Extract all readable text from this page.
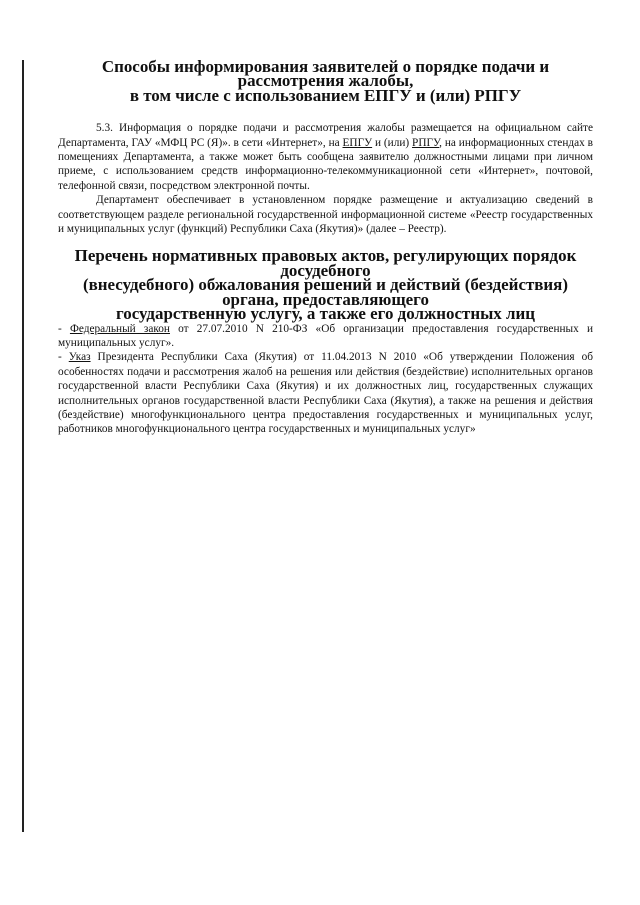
Способы информирования заявителей о порядке подачи и рассмотрения жалобы,
в том числе с использованием ЕПГУ и (или) РПГУ

5.3. Информация о порядке подачи и рассмотрения жалобы размещается на официальном сайте Департамента, ГАУ «МФЦ РС (Я)». в сети «Интернет», на ЕПГУ и (или) РПГУ, на информационных стендах в помещениях Департамента, а также может быть сообщена заявителю должностными лицами при личном приеме, с использованием средств информационно-телекоммуникационной сети «Интернет», почтовой, телефонной связи, посредством электронной почты.

Департамент обеспечивает в установленном порядке размещение и актуализацию сведений в соответствующем разделе региональной государственной информационной системе «Реестр государственных и муниципальных услуг (функций) Республики Саха (Якутия)» (далее – Реестр).

Перечень нормативных правовых актов, регулирующих порядок досудебного
(внесудебного) обжалования решений и действий (бездействия) органа, предоставляющего
государственную услугу, а также его должностных лиц

- Федеральный закон от 27.07.2010 N 210-ФЗ «Об организации предоставления государственных и муниципальных услуг».

- Указ Президента Республики Саха (Якутия) от 11.04.2013 N 2010 «Об утверждении Положения об особенностях подачи и рассмотрения жалоб на решения или действия (бездействие) исполнительных органов государственной власти Республики Саха (Якутия) и их должностных лиц, государственных служащих исполнительных органов государственной власти Республики Саха (Якутия), а также на решения и действия (бездействие) многофункционального центра предоставления государственных и муниципальных услуг, работников многофункционального центра государственных и муниципальных услуг»
